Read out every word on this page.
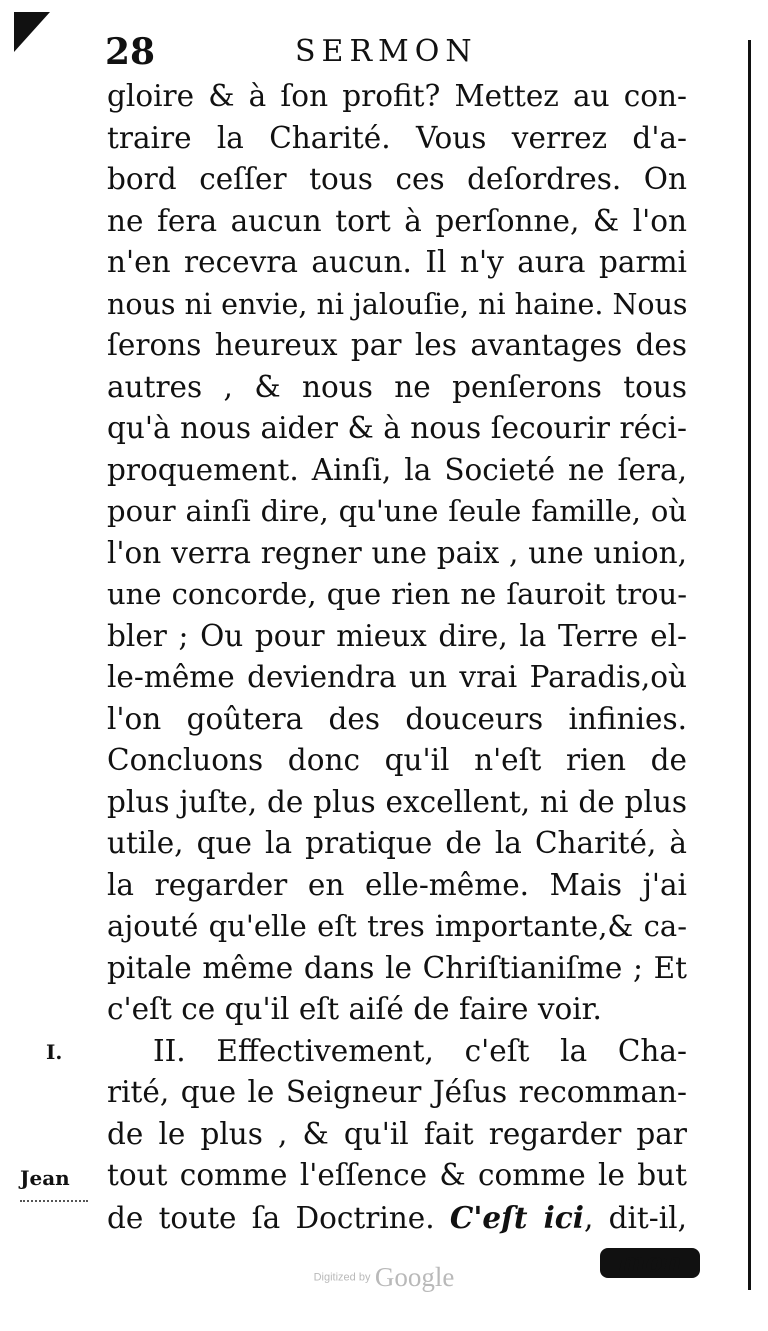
28	SERMON
gloire & à ſon profit? Mettez au con-
traire la Charité. Vous verrez d'a-
bord ceſſer tous ces deſordres. On
ne fera aucun tort à perſonne, & l'on
n'en recevra aucun. Il n'y aura parmi
nous ni envie, ni jalouſie, ni haine. Nous
ſerons heureux par les avantages des
autres , & nous ne penſerons tous
qu'à nous aider & à nous ſecourir réci-
proquement. Ainſi, la Societé ne ſera,
pour ainſi dire, qu'une ſeule famille, où
l'on verra regner une paix , une union,
une concorde, que rien ne ſauroit trou-
bler ; Ou pour mieux dire, la Terre el-
le-même deviendra un vrai Paradis,où
l'on goûtera des douceurs infinies.
Concluons donc qu'il n'eſt rien de
plus juſte, de plus excellent, ni de plus
utile, que la pratique de la Charité, à
la regarder en elle-même. Mais j'ai
ajouté qu'elle eſt tres importante,& ca-
pitale même dans le Chriſtianiſme ; Et
c'eſt ce qu'il eſt aiſé de faire voir.
II. Effectivement, c'eſt la Cha-
rité, que le Seigneur Jéſus recomman-
de le plus , & qu'il fait regarder par
tout comme l'eſſence & comme le but
de toute ſa Doctrine. C'eſt ici, dit-il,
I.
Jean
mon
Digitized by Google
